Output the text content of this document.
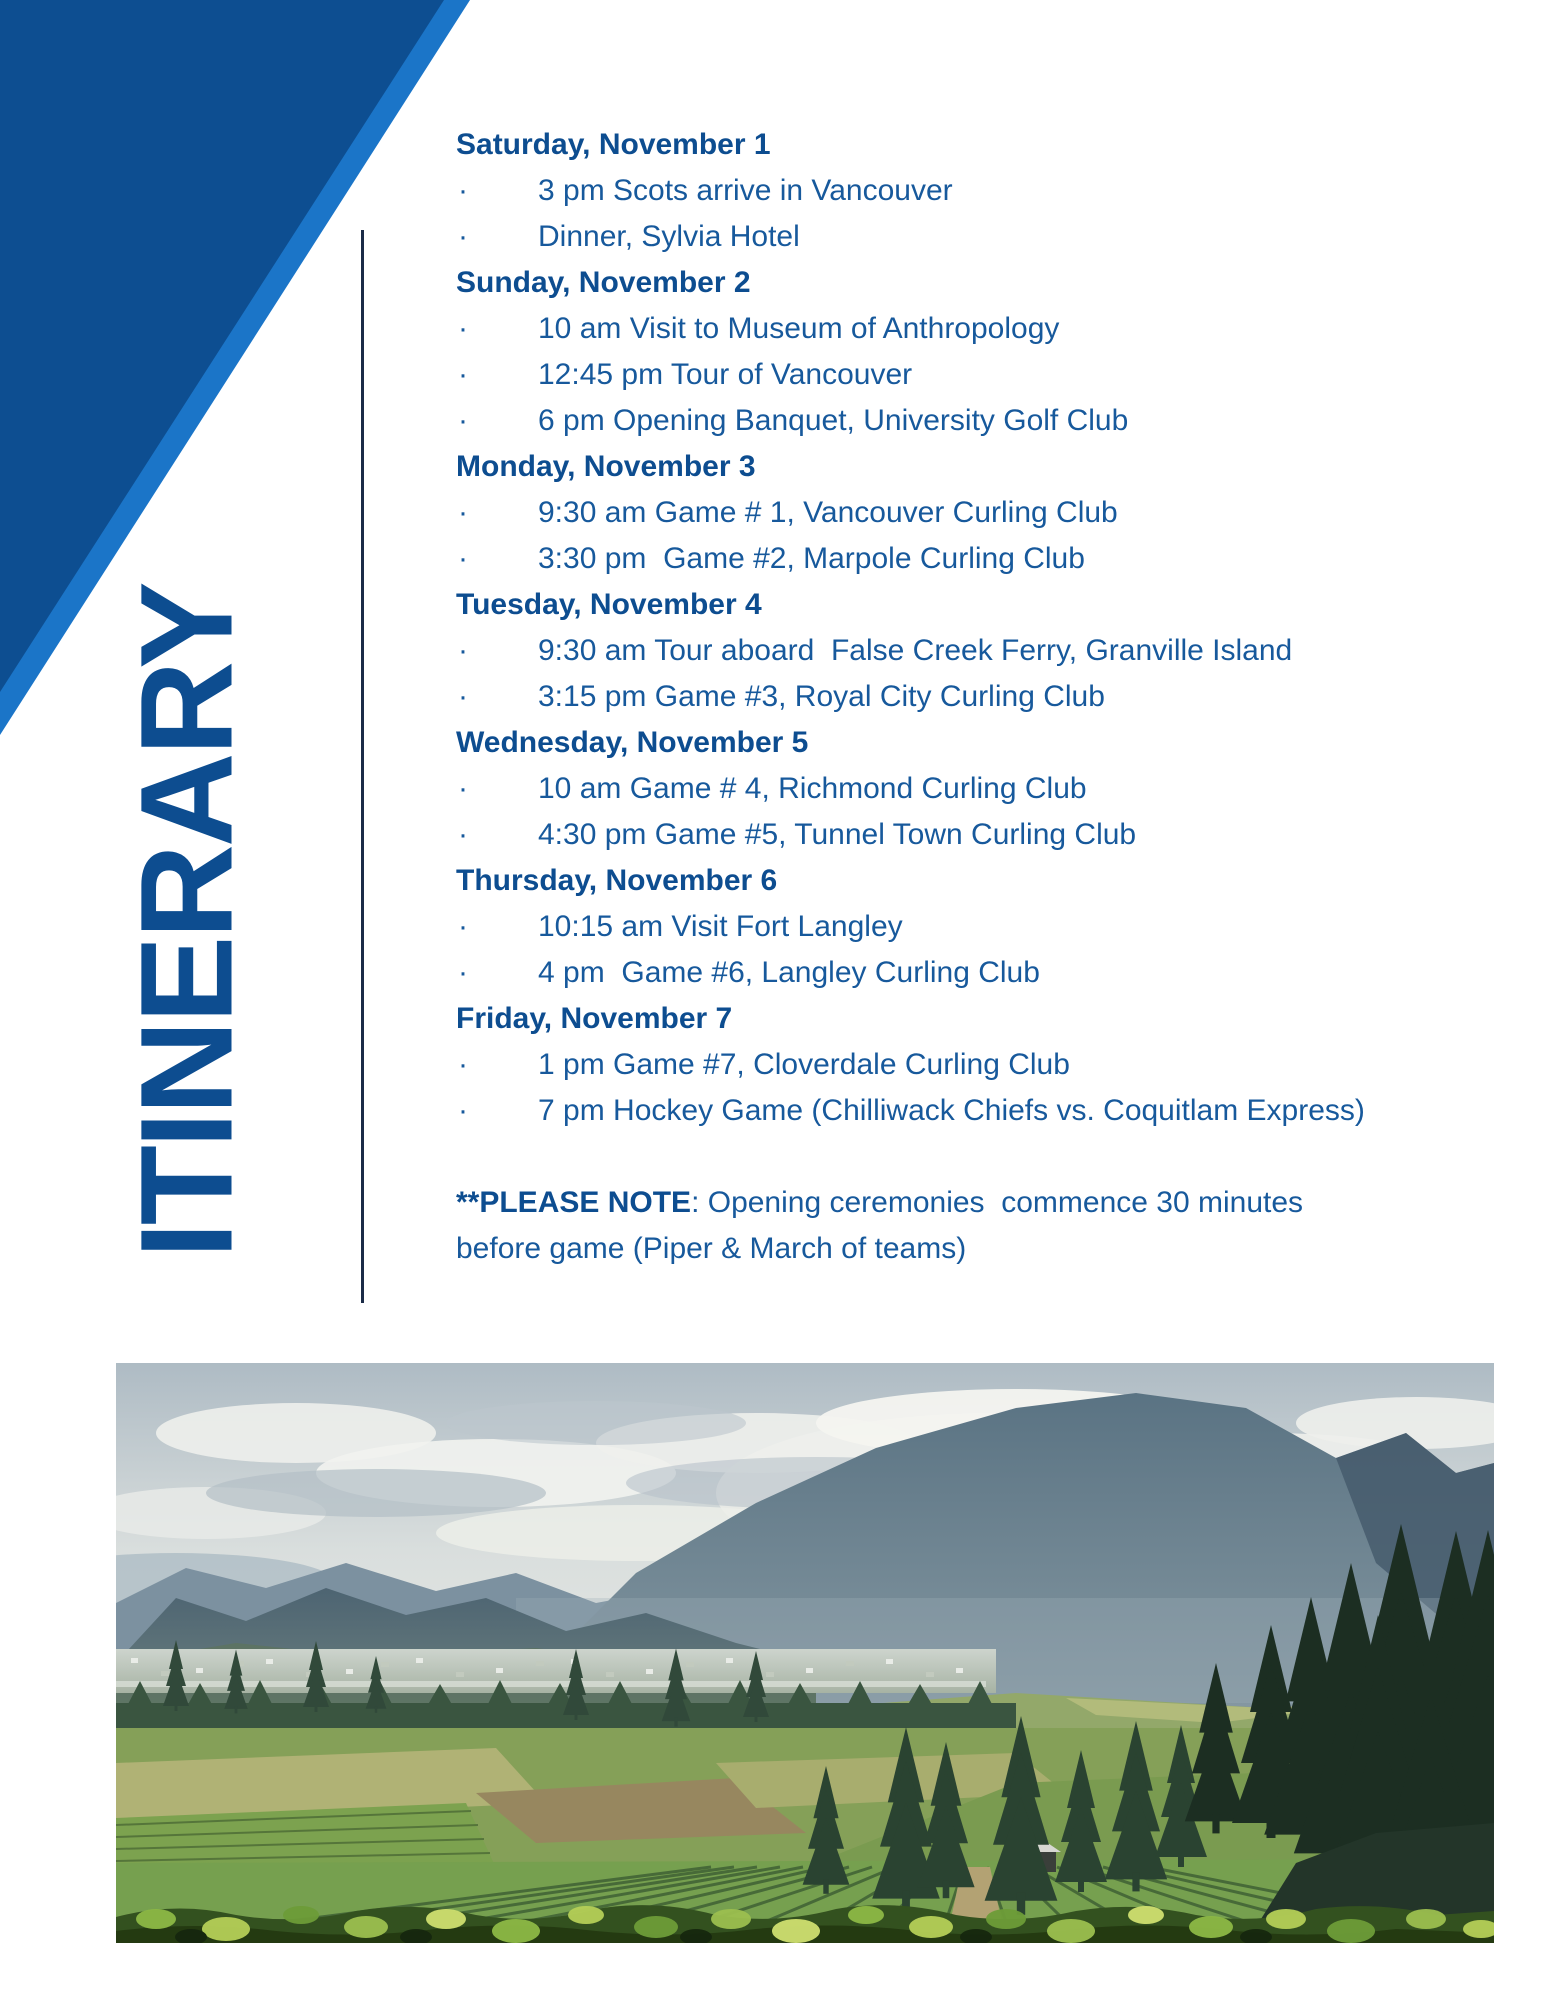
ITINERARY
Saturday, November 1
· 3 pm Scots arrive in Vancouver
· Dinner, Sylvia Hotel
Sunday, November 2
· 10 am Visit to Museum of Anthropology
· 12:45 pm Tour of Vancouver
· 6 pm Opening Banquet, University Golf Club
Monday, November 3
· 9:30 am Game # 1, Vancouver Curling Club
· 3:30 pm  Game #2, Marpole Curling Club
Tuesday, November 4
· 9:30 am Tour aboard  False Creek Ferry, Granville Island
· 3:15 pm Game #3, Royal City Curling Club
Wednesday, November 5
· 10 am Game # 4, Richmond Curling Club
· 4:30 pm Game #5, Tunnel Town Curling Club
Thursday, November 6
· 10:15 am Visit Fort Langley
· 4 pm  Game #6, Langley Curling Club
Friday, November 7
· 1 pm Game #7, Cloverdale Curling Club
· 7 pm Hockey Game (Chilliwack Chiefs vs. Coquitlam Express)
**PLEASE NOTE: Opening ceremonies  commence 30 minutes
before game (Piper & March of teams)
